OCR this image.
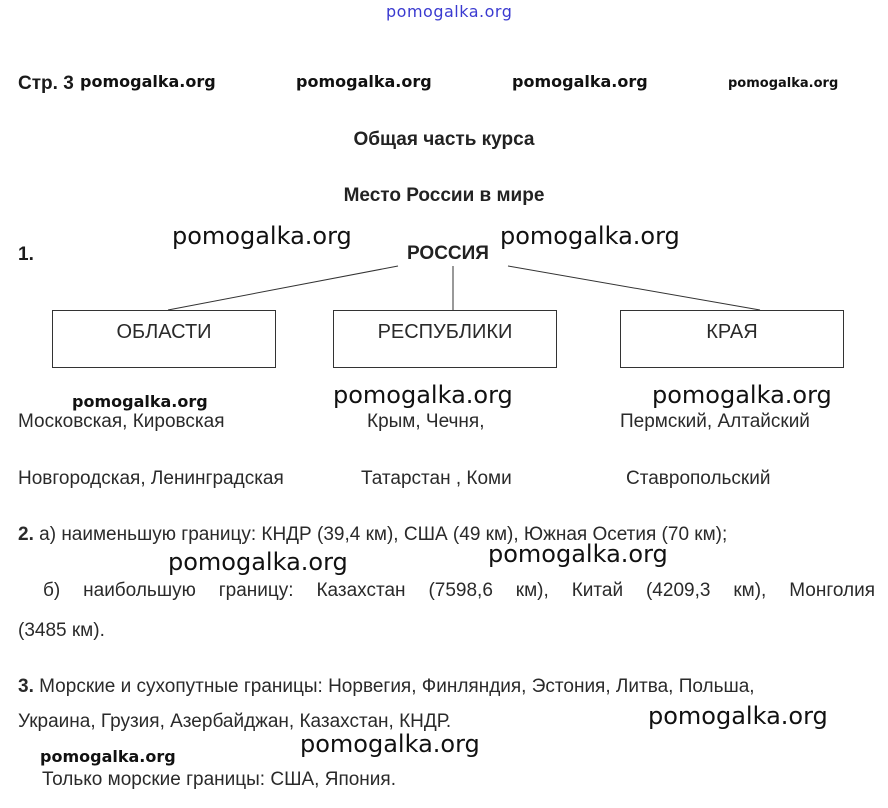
pomogalka.org
Стр. 3 pomogalka.org	pomogalka.org	pomogalka.org	pomogalka.org
Общая часть курса
Место России в мире
1.
pomogalka.org
РОССИЯ
pomogalka.org
ОБЛАСТИ	РЕСПУБЛИКИ	КРАЯ
pomogalka.org	pomogalka.org	pomogalka.org
Московская, Кировская	Крым, Чечня,	Пермский, Алтайский
Новгородская, Ленинградская	Татарстан , Коми	Ставропольский
2. а) наименьшую границу: КНДР (39,4 км), США (49 км), Южная Осетия (70 км);
pomogalka.org	pomogalka.org
б) наибольшую границу: Казахстан (7598,6 км), Китай (4209,3 км), Монголия
(3485 км).
3. Морские и сухопутные границы: Норвегия, Финляндия, Эстония, Литва, Польша,
Украина, Грузия, Азербайджан, Казахстан, КНДР.	pomogalka.org
pomogalka.org
pomogalka.org
Только морские границы: США, Япония.
